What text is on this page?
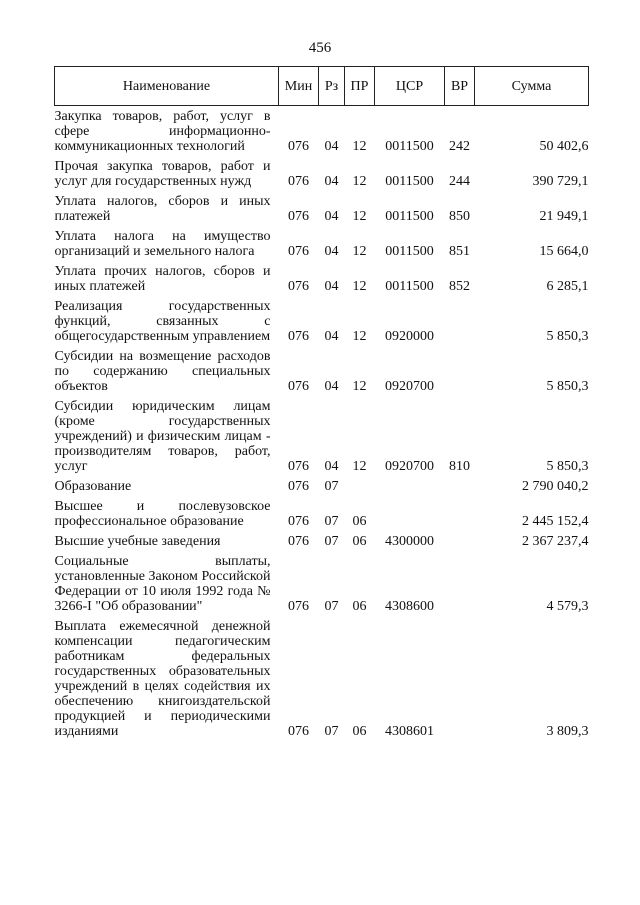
456
Наименование	Мин	Рз	ПР	ЦСР	ВР	Сумма
Закупка товаров, работ, услуг в сфере информационно-коммуникационных технологий	076	04	12	0011500	242	50 402,6
Прочая закупка товаров, работ и услуг для государственных нужд	076	04	12	0011500	244	390 729,1
Уплата налогов, сборов и иных платежей	076	04	12	0011500	850	21 949,1
Уплата налога на имущество организаций и земельного налога	076	04	12	0011500	851	15 664,0
Уплата прочих налогов, сборов и иных платежей	076	04	12	0011500	852	6 285,1
Реализация государственных функций, связанных с общегосударственным управлением	076	04	12	0920000		5 850,3
Субсидии на возмещение расходов по содержанию специальных объектов	076	04	12	0920700		5 850,3
Субсидии юридическим лицам (кроме государственных учреждений) и физическим лицам - производителям товаров, работ, услуг	076	04	12	0920700	810	5 850,3
Образование	076	07				2 790 040,2
Высшее и послевузовское профессиональное образование	076	07	06			2 445 152,4
Высшие учебные заведения	076	07	06	4300000		2 367 237,4
Социальные выплаты, установленные Законом Российской Федерации от 10 июля 1992 года № 3266-I "Об образовании"	076	07	06	4308600		4 579,3
Выплата ежемесячной денежной компенсации педагогическим работникам федеральных государственных образовательных учреждений в целях содействия их обеспечению книгоиздательской продукцией и периодическими изданиями	076	07	06	4308601		3 809,3
